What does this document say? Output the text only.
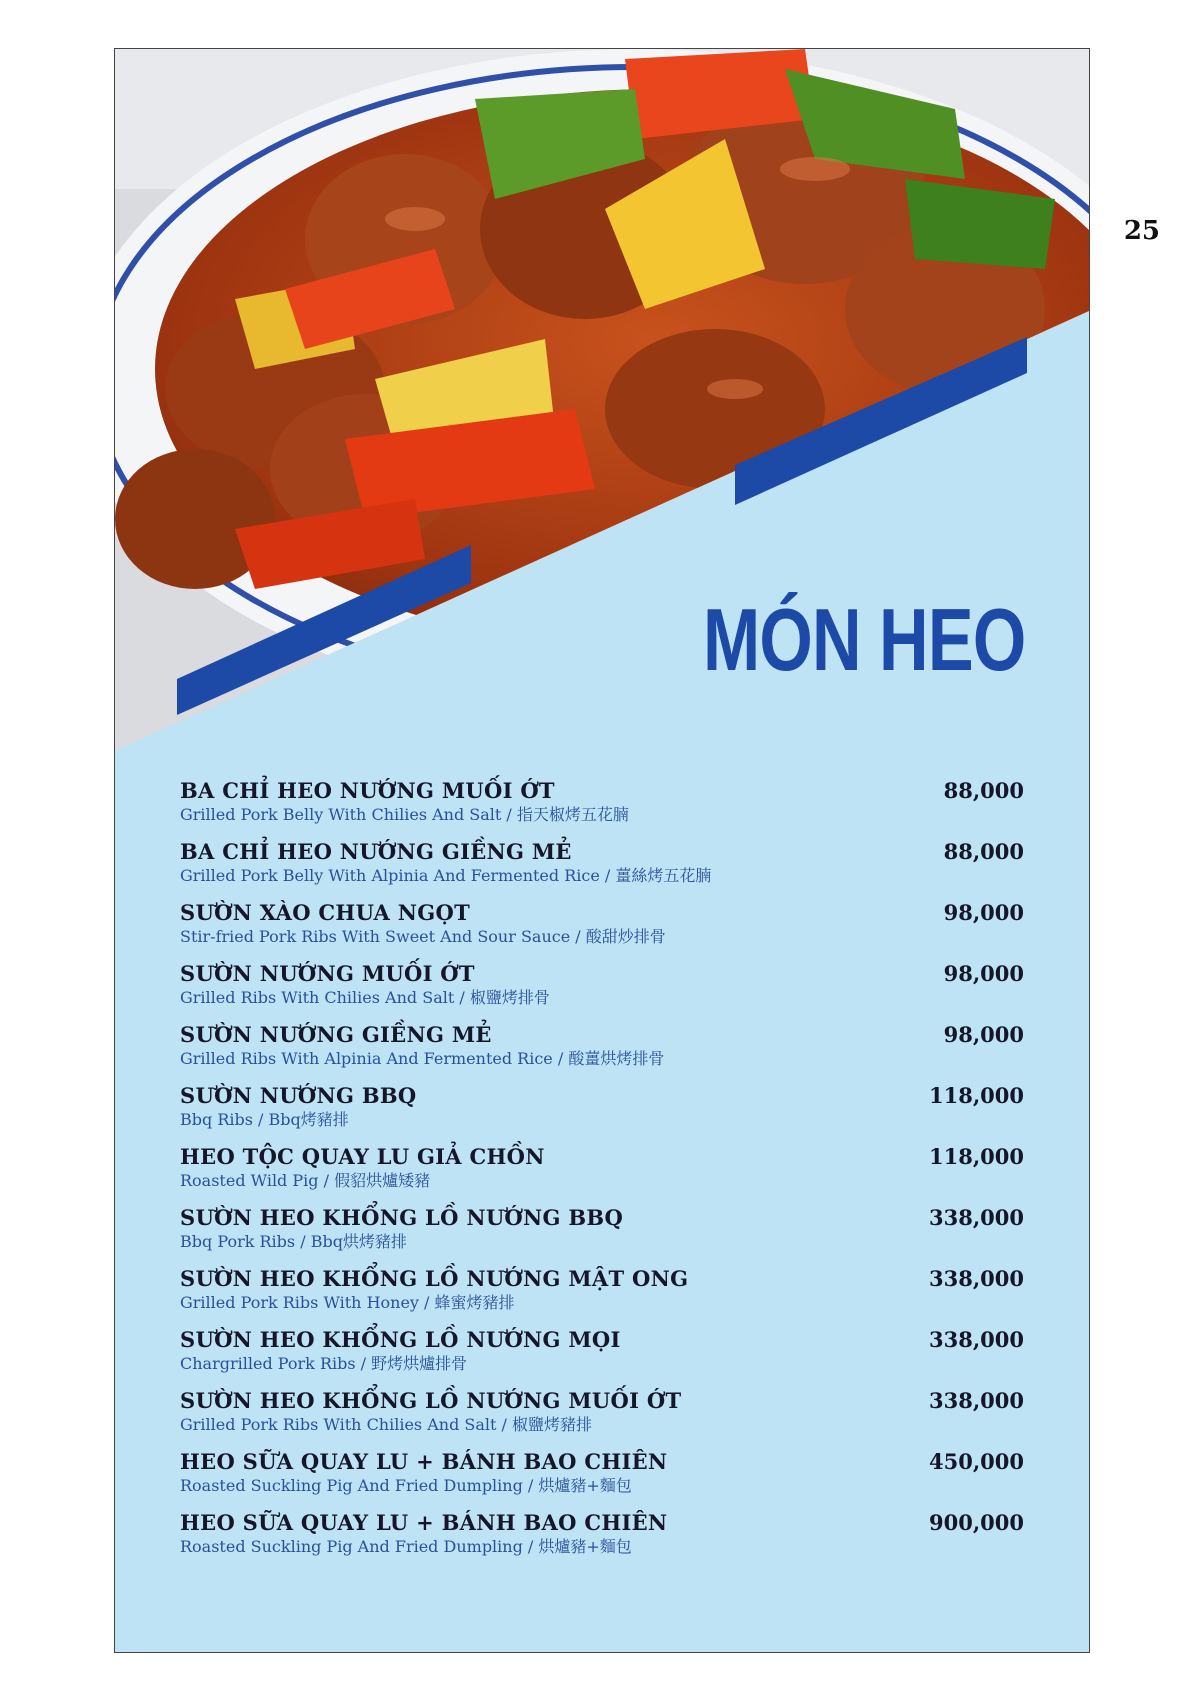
25
MÓN HEO
BA CHỈ HEO NƯỚNG MUỐI ỚT
Grilled Pork Belly With Chilies And Salt / 指天椒烤五花腩
88,000
BA CHỈ HEO NƯỚNG GIỀNG MẺ
Grilled Pork Belly With Alpinia And Fermented Rice / 薑絲烤五花腩
88,000
SƯỜN XÀO CHUA NGỌT
Stir-fried Pork Ribs With Sweet And Sour Sauce / 酸甜炒排骨
98,000
SƯỜN NƯỚNG MUỐI ỚT
Grilled Ribs With Chilies And Salt / 椒鹽烤排骨
98,000
SƯỜN NƯỚNG GIỀNG MẺ
Grilled Ribs With Alpinia And Fermented Rice / 酸薑烘烤排骨
98,000
SƯỜN NƯỚNG BBQ
Bbq Ribs / Bbq烤豬排
118,000
HEO TỘC QUAY LU GIẢ CHỒN
Roasted Wild Pig / 假貂烘爐矮豬
118,000
SƯỜN HEO KHỔNG LỒ NƯỚNG BBQ
Bbq Pork Ribs / Bbq烘烤豬排
338,000
SƯỜN HEO KHỔNG LỒ NƯỚNG MẬT ONG
Grilled Pork Ribs With Honey / 蜂蜜烤豬排
338,000
SƯỜN HEO KHỔNG LỒ NƯỚNG MỌI
Chargrilled Pork Ribs / 野烤烘爐排骨
338,000
SƯỜN HEO KHỔNG LỒ NƯỚNG MUỐI ỚT
Grilled Pork Ribs With Chilies And Salt / 椒鹽烤豬排
338,000
HEO SỮA QUAY LU + BÁNH BAO CHIÊN
Roasted Suckling Pig And Fried Dumpling / 烘爐豬+麵包
450,000
HEO SỮA QUAY LU + BÁNH BAO CHIÊN
Roasted Suckling Pig And Fried Dumpling / 烘爐豬+麵包
900,000
